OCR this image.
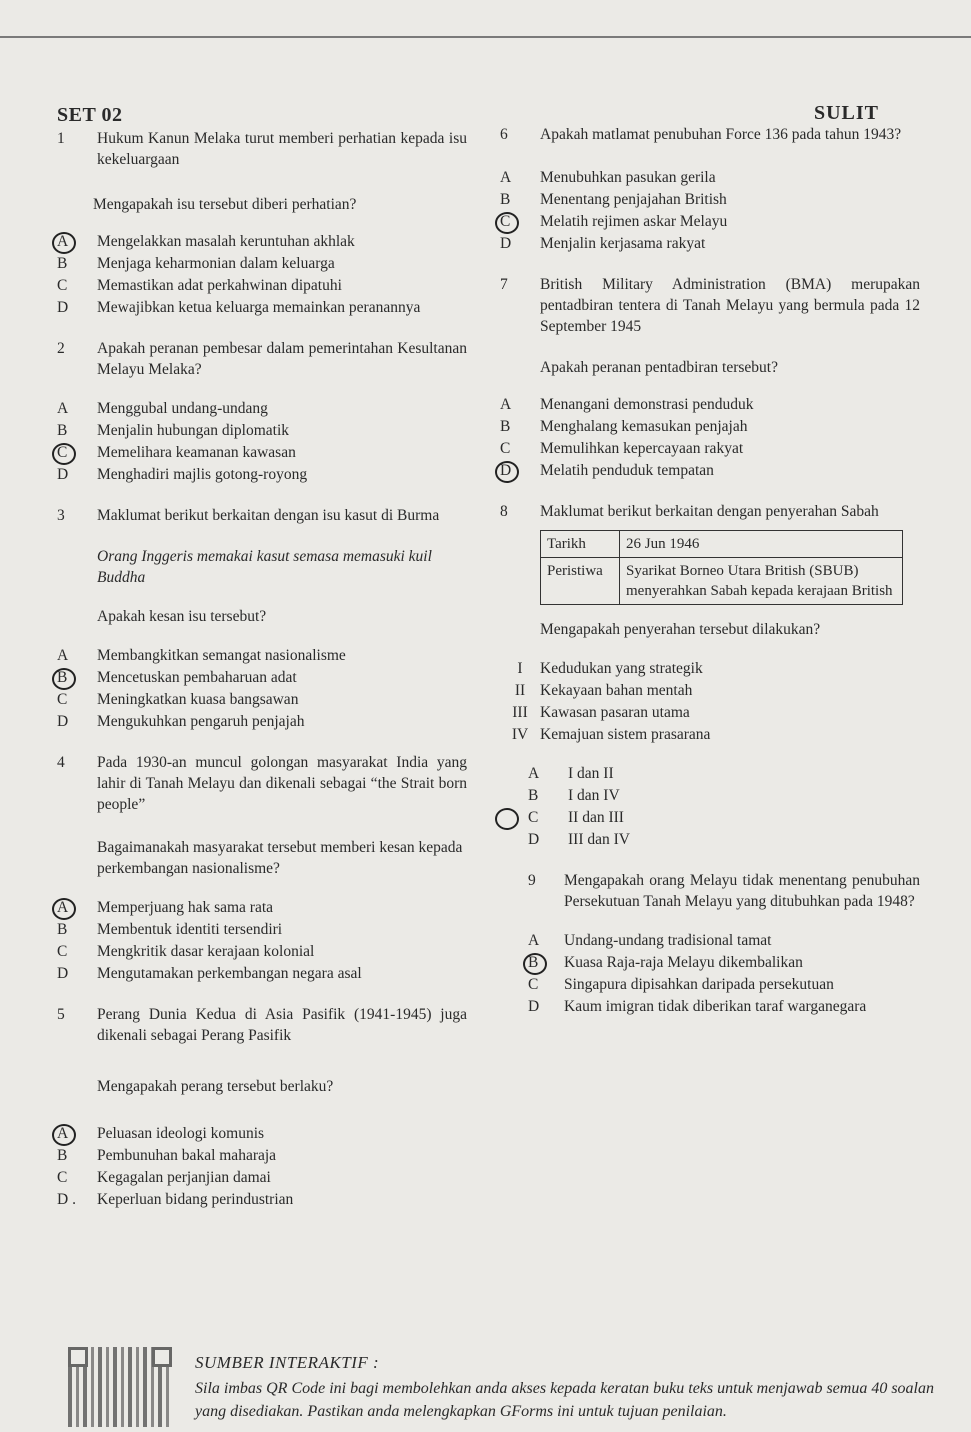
SET 02	SULIT
1	Hukum Kanun Melaka turut memberi perhatian kepada isu kekeluargaan
Mengapakah isu tersebut diberi perhatian?
A	Mengelakkan masalah keruntuhan akhlak
B	Menjaga keharmonian dalam keluarga
C	Memastikan adat perkahwinan dipatuhi
D	Mewajibkan ketua keluarga memainkan peranannya
2	Apakah peranan pembesar dalam pemerintahan Kesultanan Melayu Melaka?
A	Menggubal undang-undang
B	Menjalin hubungan diplomatik
C	Memelihara keamanan kawasan
D	Menghadiri majlis gotong-royong
3	Maklumat berikut berkaitan dengan isu kasut di Burma
Orang Inggeris memakai kasut semasa memasuki kuil Buddha
Apakah kesan isu tersebut?
A	Membangkitkan semangat nasionalisme
B	Mencetuskan pembaharuan adat
C	Meningkatkan kuasa bangsawan
D	Mengukuhkan pengaruh penjajah
4	Pada 1930-an muncul golongan masyarakat India yang lahir di Tanah Melayu dan dikenali sebagai “the Strait born people”
Bagaimanakah masyarakat tersebut memberi kesan kepada perkembangan nasionalisme?
A	Memperjuang hak sama rata
B	Membentuk identiti tersendiri
C	Mengkritik dasar kerajaan kolonial
D	Mengutamakan perkembangan negara asal
5	Perang Dunia Kedua di Asia Pasifik (1941-1945) juga dikenali sebagai Perang Pasifik
Mengapakah perang tersebut berlaku?
A	Peluasan ideologi komunis
B	Pembunuhan bakal maharaja
C	Kegagalan perjanjian damai
D .	Keperluan bidang perindustrian
6	Apakah matlamat penubuhan Force 136 pada tahun 1943?
A	Menubuhkan pasukan gerila
B	Menentang penjajahan British
C	Melatih rejimen askar Melayu
D	Menjalin kerjasama rakyat
7	British Military Administration (BMA) merupakan pentadbiran tentera di Tanah Melayu yang bermula pada 12 September 1945
Apakah peranan pentadbiran tersebut?
A	Menangani demonstrasi penduduk
B	Menghalang kemasukan penjajah
C	Memulihkan kepercayaan rakyat
D	Melatih penduduk tempatan
8	Maklumat berikut berkaitan dengan penyerahan Sabah
Tarikh	26 Jun 1946
Peristiwa	Syarikat Borneo Utara British (SBUB) menyerahkan Sabah kepada kerajaan British
Mengapakah penyerahan tersebut dilakukan?
I	Kedudukan yang strategik
II Kekayaan bahan mentah
III Kawasan pasaran utama
IV Kemajuan sistem prasarana
A	I dan II
B	I dan IV
C	II dan III
D	III dan IV
9	Mengapakah orang Melayu tidak menentang penubuhan Persekutuan Tanah Melayu yang ditubuhkan pada 1948?
A	Undang-undang tradisional tamat
B	Kuasa Raja-raja Melayu dikembalikan
C	Singapura dipisahkan daripada persekutuan
D	Kaum imigran tidak diberikan taraf warganegara
SUMBER INTERAKTIF :
Sila imbas QR Code ini bagi membolehkan anda akses kepada keratan buku teks untuk menjawab semua 40 soalan yang disediakan. Pastikan anda melengkapkan GForms ini untuk tujuan penilaian.
